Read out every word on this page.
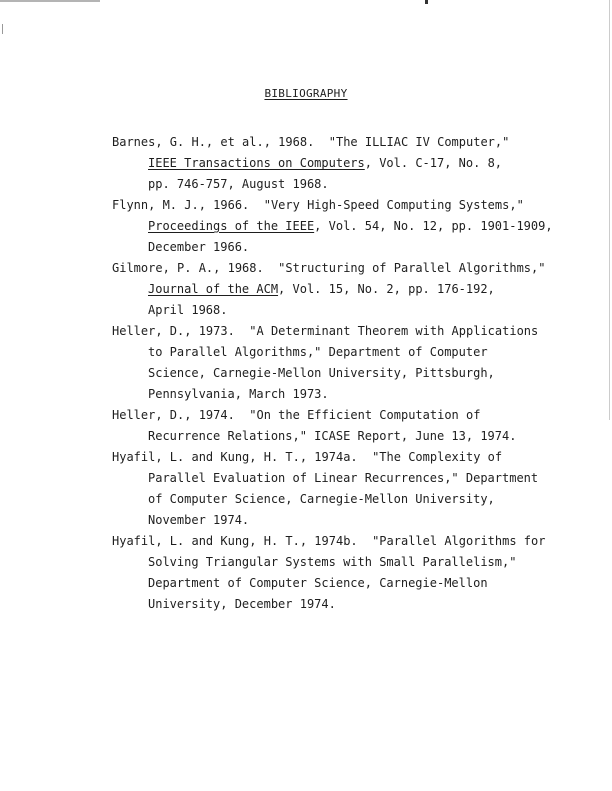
BIBLIOGRAPHY
Barnes, G. H., et al., 1968.  "The ILLIAC IV Computer,"
IEEE Transactions on Computers, Vol. C-17, No. 8,
pp. 746-757, August 1968.
Flynn, M. J., 1966.  "Very High-Speed Computing Systems,"
Proceedings of the IEEE, Vol. 54, No. 12, pp. 1901-1909,
December 1966.
Gilmore, P. A., 1968.  "Structuring of Parallel Algorithms,"
Journal of the ACM, Vol. 15, No. 2, pp. 176-192,
April 1968.
Heller, D., 1973.  "A Determinant Theorem with Applications
to Parallel Algorithms," Department of Computer
Science, Carnegie-Mellon University, Pittsburgh,
Pennsylvania, March 1973.
Heller, D., 1974.  "On the Efficient Computation of
Recurrence Relations," ICASE Report, June 13, 1974.
Hyafil, L. and Kung, H. T., 1974a.  "The Complexity of
Parallel Evaluation of Linear Recurrences," Department
of Computer Science, Carnegie-Mellon University,
November 1974.
Hyafil, L. and Kung, H. T., 1974b.  "Parallel Algorithms for
Solving Triangular Systems with Small Parallelism,"
Department of Computer Science, Carnegie-Mellon
University, December 1974.
